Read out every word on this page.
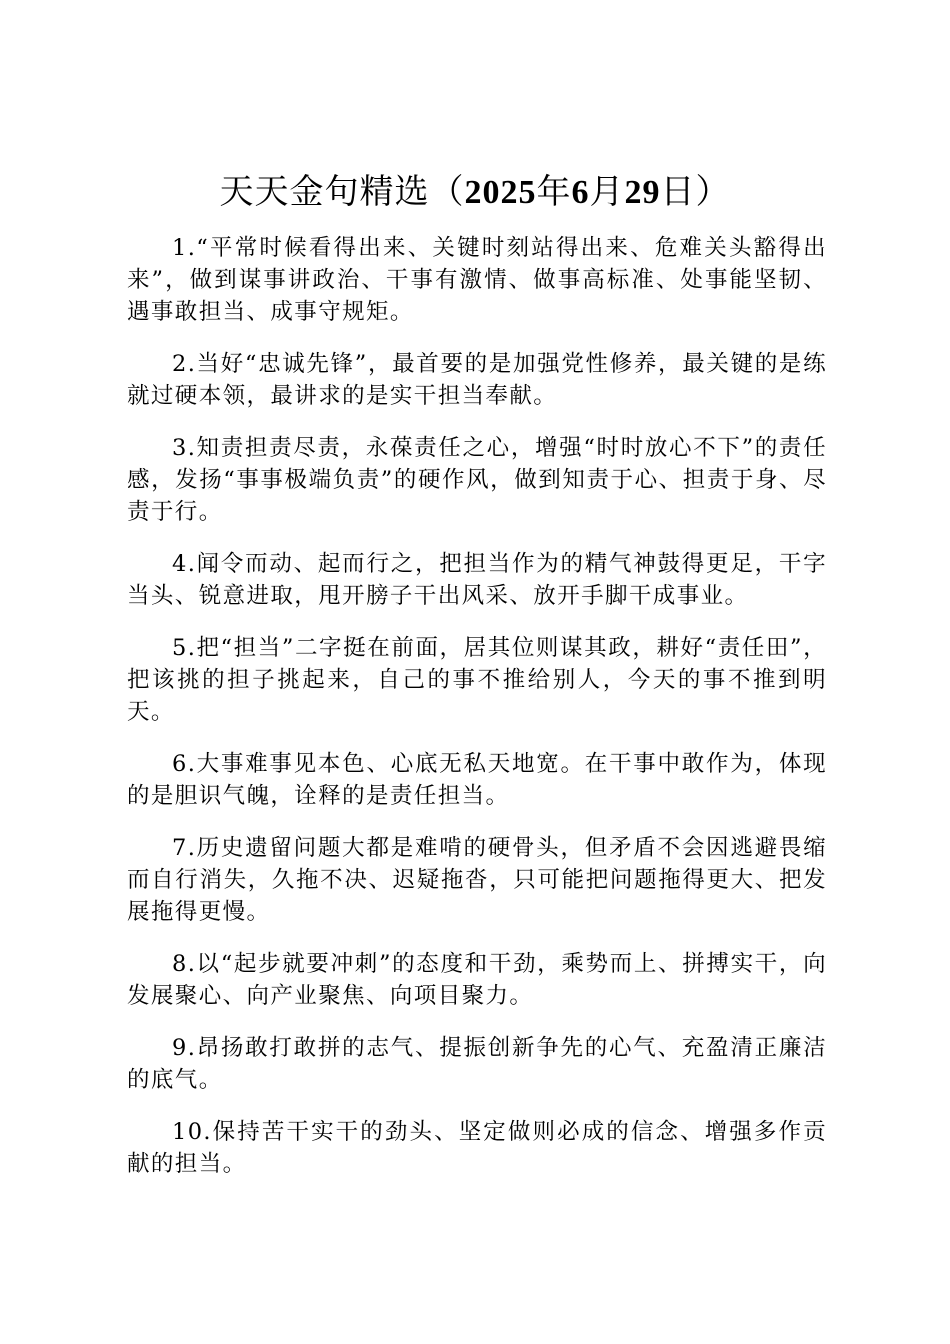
天天金句精选（2025年6月29日）

1.“平常时候看得出来、关键时刻站得出来、危难关头豁得出来”，做到谋事讲政治、干事有激情、做事高标准、处事能坚韧、遇事敢担当、成事守规矩。

2.当好“忠诚先锋”，最首要的是加强党性修养，最关键的是练就过硬本领，最讲求的是实干担当奉献。

3.知责担责尽责，永葆责任之心，增强“时时放心不下”的责任感，发扬“事事极端负责”的硬作风，做到知责于心、担责于身、尽责于行。

4.闻令而动、起而行之，把担当作为的精气神鼓得更足，干字当头、锐意进取，甩开膀子干出风采、放开手脚干成事业。

5.把“担当”二字挺在前面，居其位则谋其政，耕好“责任田”，把该挑的担子挑起来，自己的事不推给别人，今天的事不推到明天。

6.大事难事见本色、心底无私天地宽。在干事中敢作为，体现的是胆识气魄，诠释的是责任担当。

7.历史遗留问题大都是难啃的硬骨头，但矛盾不会因逃避畏缩而自行消失，久拖不决、迟疑拖沓，只可能把问题拖得更大、把发展拖得更慢。

8.以“起步就要冲刺”的态度和干劲，乘势而上、拼搏实干，向发展聚心、向产业聚焦、向项目聚力。

9.昂扬敢打敢拼的志气、提振创新争先的心气、充盈清正廉洁的底气。

10.保持苦干实干的劲头、坚定做则必成的信念、增强多作贡献的担当。
